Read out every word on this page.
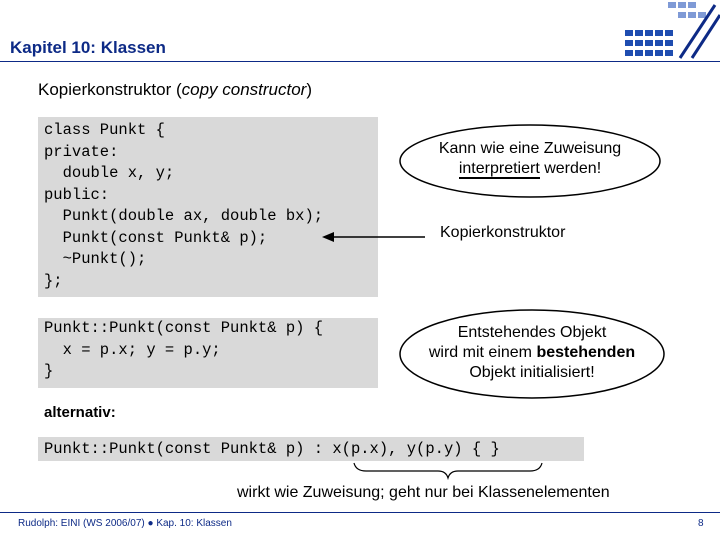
Kapitel 10: Klassen
Kopierkonstruktor (copy constructor)
class Punkt {
private:
double x, y;
public:
Punkt(double ax, double bx);
Punkt(const Punkt& p);
~Punkt();
};
Punkt::Punkt(const Punkt& p) {
x = p.x; y = p.y;
}
Kann wie eine Zuweisung
interpretiert werden!
Kopierkonstruktor
Entstehendes Objekt
wird mit einem bestehenden
Objekt initialisiert!
alternativ:
Punkt::Punkt(const Punkt& p) : x(p.x), y(p.y) { }
wirkt wie Zuweisung; geht nur bei Klassenelementen
Rudolph: EINI (WS 2006/07) ● Kap. 10: Klassen	8
